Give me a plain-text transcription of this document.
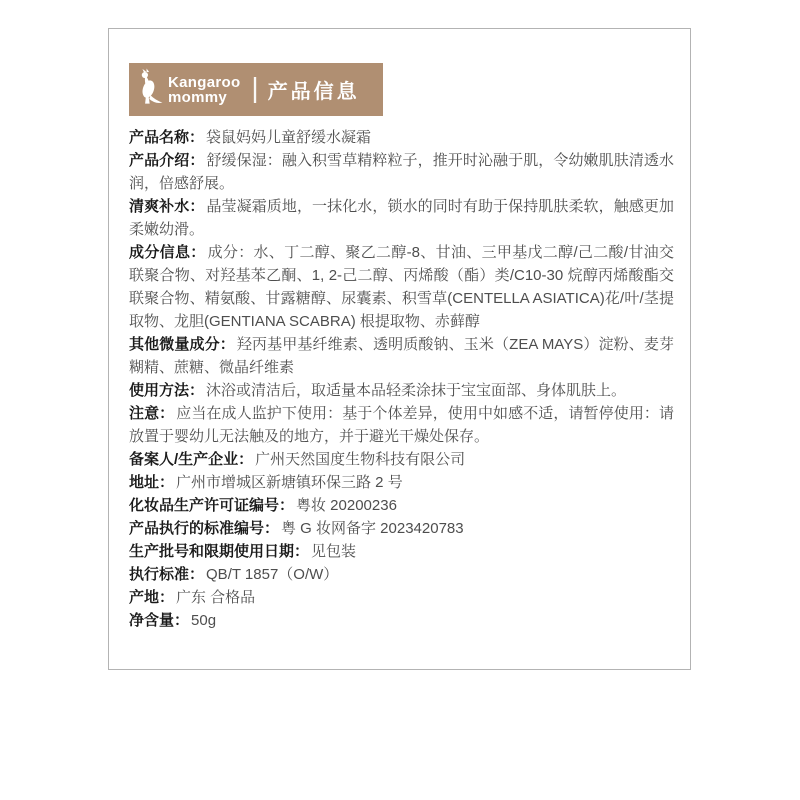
Kangaroo
mommy | 产品信息

产品名称： 袋鼠妈妈儿童舒缓水凝霜

产品介绍： 舒缓保湿：融入积雪草精粹粒子，推开时沁融于肌，令幼嫩肌肤清透水润，倍感舒展。

清爽补水： 晶莹凝霜质地，一抹化水，锁水的同时有助于保持肌肤柔软，触感更加柔嫩幼滑。

成分信息： 成分：水、丁二醇、聚乙二醇-8、甘油、三甲基戊二醇/己二酸/甘油交联聚合物、对羟基苯乙酮、1, 2-己二醇、丙烯酸（酯）类/C10-30 烷醇丙烯酸酯交联聚合物、精氨酸、甘露糖醇、尿囊素、积雪草(CENTELLA ASIATICA)花/叶/茎提取物、龙胆(GENTIANA SCABRA) 根提取物、赤藓醇

其他微量成分： 羟丙基甲基纤维素、透明质酸钠、玉米（ZEA MAYS）淀粉、麦芽糊精、蔗糖、微晶纤维素

使用方法： 沐浴或清洁后，取适量本品轻柔涂抹于宝宝面部、身体肌肤上。

注意： 应当在成人监护下使用：基于个体差异，使用中如感不适，请暂停使用：请放置于婴幼儿无法触及的地方，并于避光干燥处保存。

备案人/生产企业： 广州天然国度生物科技有限公司

地址： 广州市增城区新塘镇环保三路 2 号

化妆品生产许可证编号： 粤妆 20200236

产品执行的标准编号： 粤 G 妆网备字 2023420783

生产批号和限期使用日期： 见包装

执行标准： QB/T 1857（O/W）

产地： 广东 合格品

净含量： 50g
